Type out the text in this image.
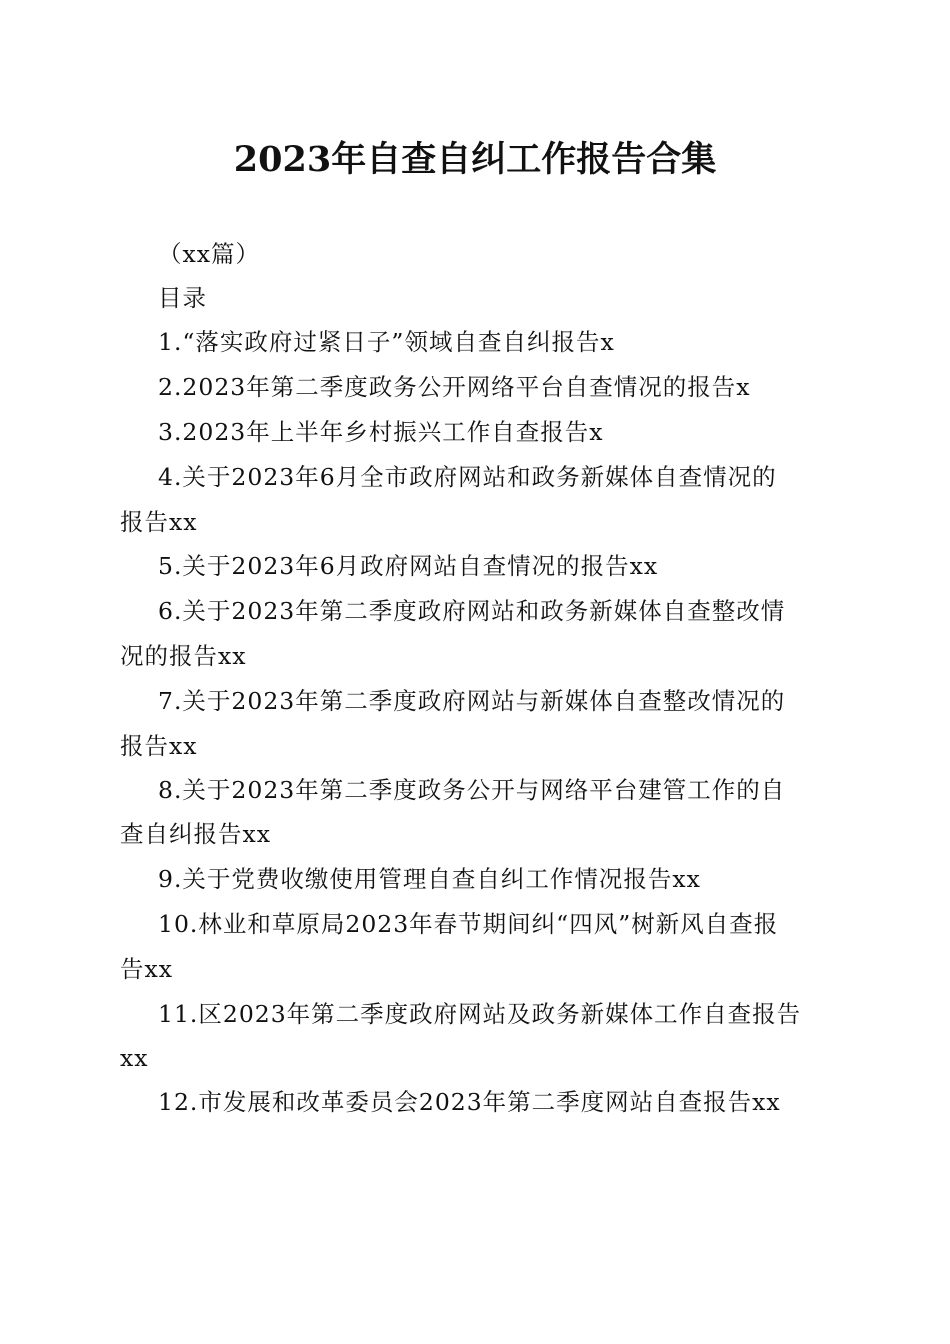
2023年自查自纠工作报告合集
（xx篇）
目录
1.“落实政府过紧日子”领域自查自纠报告x
2.2023年第二季度政务公开网络平台自查情况的报告x
3.2023年上半年乡村振兴工作自查报告x
4.关于2023年6月全市政府网站和政务新媒体自查情况的
报告xx
5.关于2023年6月政府网站自查情况的报告xx
6.关于2023年第二季度政府网站和政务新媒体自查整改情
况的报告xx
7.关于2023年第二季度政府网站与新媒体自查整改情况的
报告xx
8.关于2023年第二季度政务公开与网络平台建管工作的自
查自纠报告xx
9.关于党费收缴使用管理自查自纠工作情况报告xx
10.林业和草原局2023年春节期间纠“四风”树新风自查报
告xx
11.区2023年第二季度政府网站及政务新媒体工作自查报告
xx
12.市发展和改革委员会2023年第二季度网站自查报告xx
